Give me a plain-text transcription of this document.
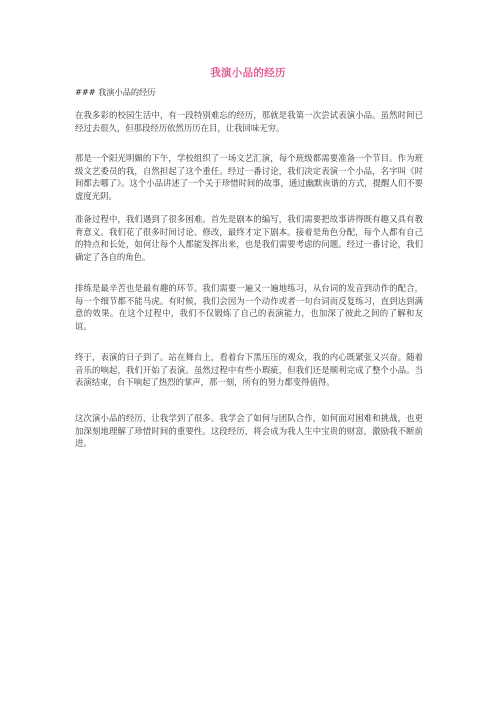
我演小品的经历
### 我演小品的经历

在我多彩的校园生活中，有一段特别难忘的经历，那就是我第一次尝试表演小品。虽然时间已经过去很久，但那段经历依然历历在目，让我回味无穷。

那是一个阳光明媚的下午，学校组织了一场文艺汇演，每个班级都需要准备一个节目。作为班级文艺委员的我，自然担起了这个重任。经过一番讨论，我们决定表演一个小品，名字叫《时间都去哪了》。这个小品讲述了一个关于珍惜时间的故事，通过幽默诙谐的方式，提醒人们不要虚度光阴。

准备过程中，我们遇到了很多困难。首先是剧本的编写，我们需要把故事讲得既有趣又具有教育意义。我们花了很多时间讨论、修改，最终才定下剧本。接着是角色分配，每个人都有自己的特点和长处，如何让每个人都能发挥出来，也是我们需要考虑的问题。经过一番讨论，我们确定了各自的角色。

排练是最辛苦也是最有趣的环节。我们需要一遍又一遍地练习，从台词的发音到动作的配合，每一个细节都不能马虎。有时候，我们会因为一个动作或者一句台词而反复练习，直到达到满意的效果。在这个过程中，我们不仅锻炼了自己的表演能力，也加深了彼此之间的了解和友谊。

终于，表演的日子到了。站在舞台上，看着台下黑压压的观众，我的内心既紧张又兴奋。随着音乐的响起，我们开始了表演。虽然过程中有些小瑕疵，但我们还是顺利完成了整个小品。当表演结束，台下响起了热烈的掌声，那一刻，所有的努力都变得值得。

这次演小品的经历，让我学到了很多。我学会了如何与团队合作，如何面对困难和挑战，也更加深刻地理解了珍惜时间的重要性。这段经历，将会成为我人生中宝贵的财富，激励我不断前进。
